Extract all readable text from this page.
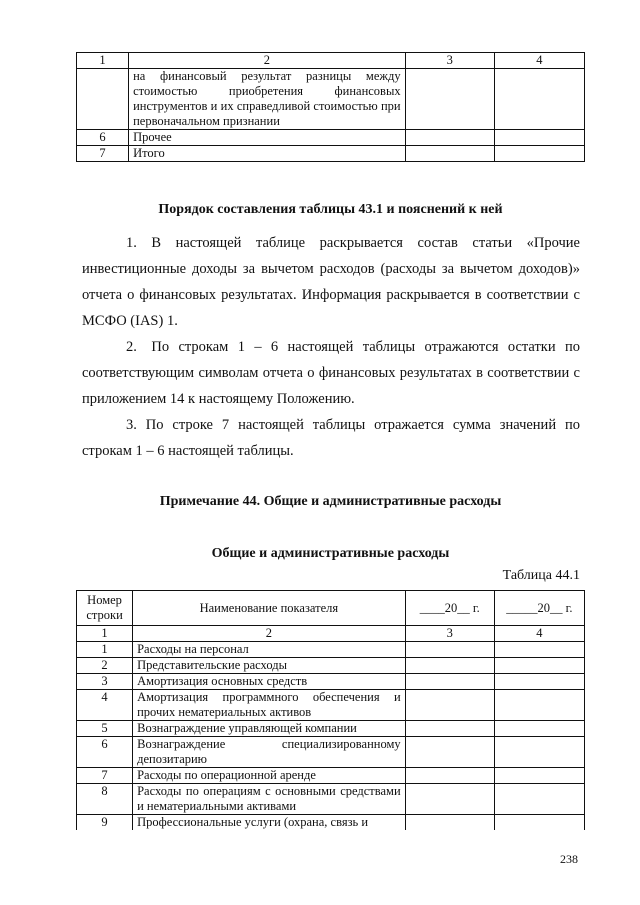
1	2	3	4
	на финансовый результат разницы между стоимостью приобретения финансовых инструментов и их справедливой стоимостью при первоначальном признании		
6	Прочее		
7	Итого		
Порядок составления таблицы 43.1 и пояснений к ней
1. В настоящей таблице раскрывается состав статьи «Прочие инвестиционные доходы за вычетом расходов (расходы за вычетом доходов)» отчета о финансовых результатах. Информация раскрывается в соответствии с МСФО (IAS) 1.
2. По строкам 1 – 6 настоящей таблицы отражаются остатки по соответствующим символам отчета о финансовых результатах в соответствии с приложением 14 к настоящему Положению.
3. По строке 7 настоящей таблицы отражается сумма значений по строкам 1 – 6 настоящей таблицы.
Примечание 44. Общие и административные расходы
Общие и административные расходы
Таблица 44.1
Номер строки	Наименование показателя	____20__ г.	_____20__ г.
1	2	3	4
1	Расходы на персонал		
2	Представительские расходы		
3	Амортизация основных средств		
4	Амортизация программного обеспечения и прочих нематериальных активов		
5	Вознаграждение управляющей компании		
6	Вознаграждение специализированному депозитарию		
7	Расходы по операционной аренде		
8	Расходы по операциям с основными средствами и нематериальными активами		
9	Профессиональные услуги (охрана, связь и		
238
